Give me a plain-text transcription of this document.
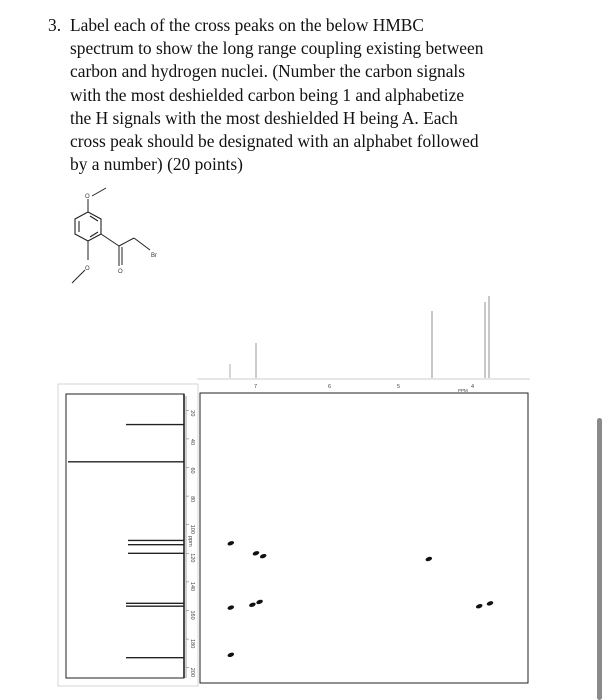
3. Label each of the cross peaks on the below HMBC
spectrum to show the long range coupling existing between
carbon and hydrogen nuclei. (Number the carbon signals
with the most deshielded carbon being 1 and alphabetize
the H signals with the most deshielded H being A. Each
cross peak should be designated with an alphabet followed
by a number) (20 points)
O
O	O
Br
7	6	5	4
PPM
20
40
60
80
100
120
140
160
180
200
ppm
